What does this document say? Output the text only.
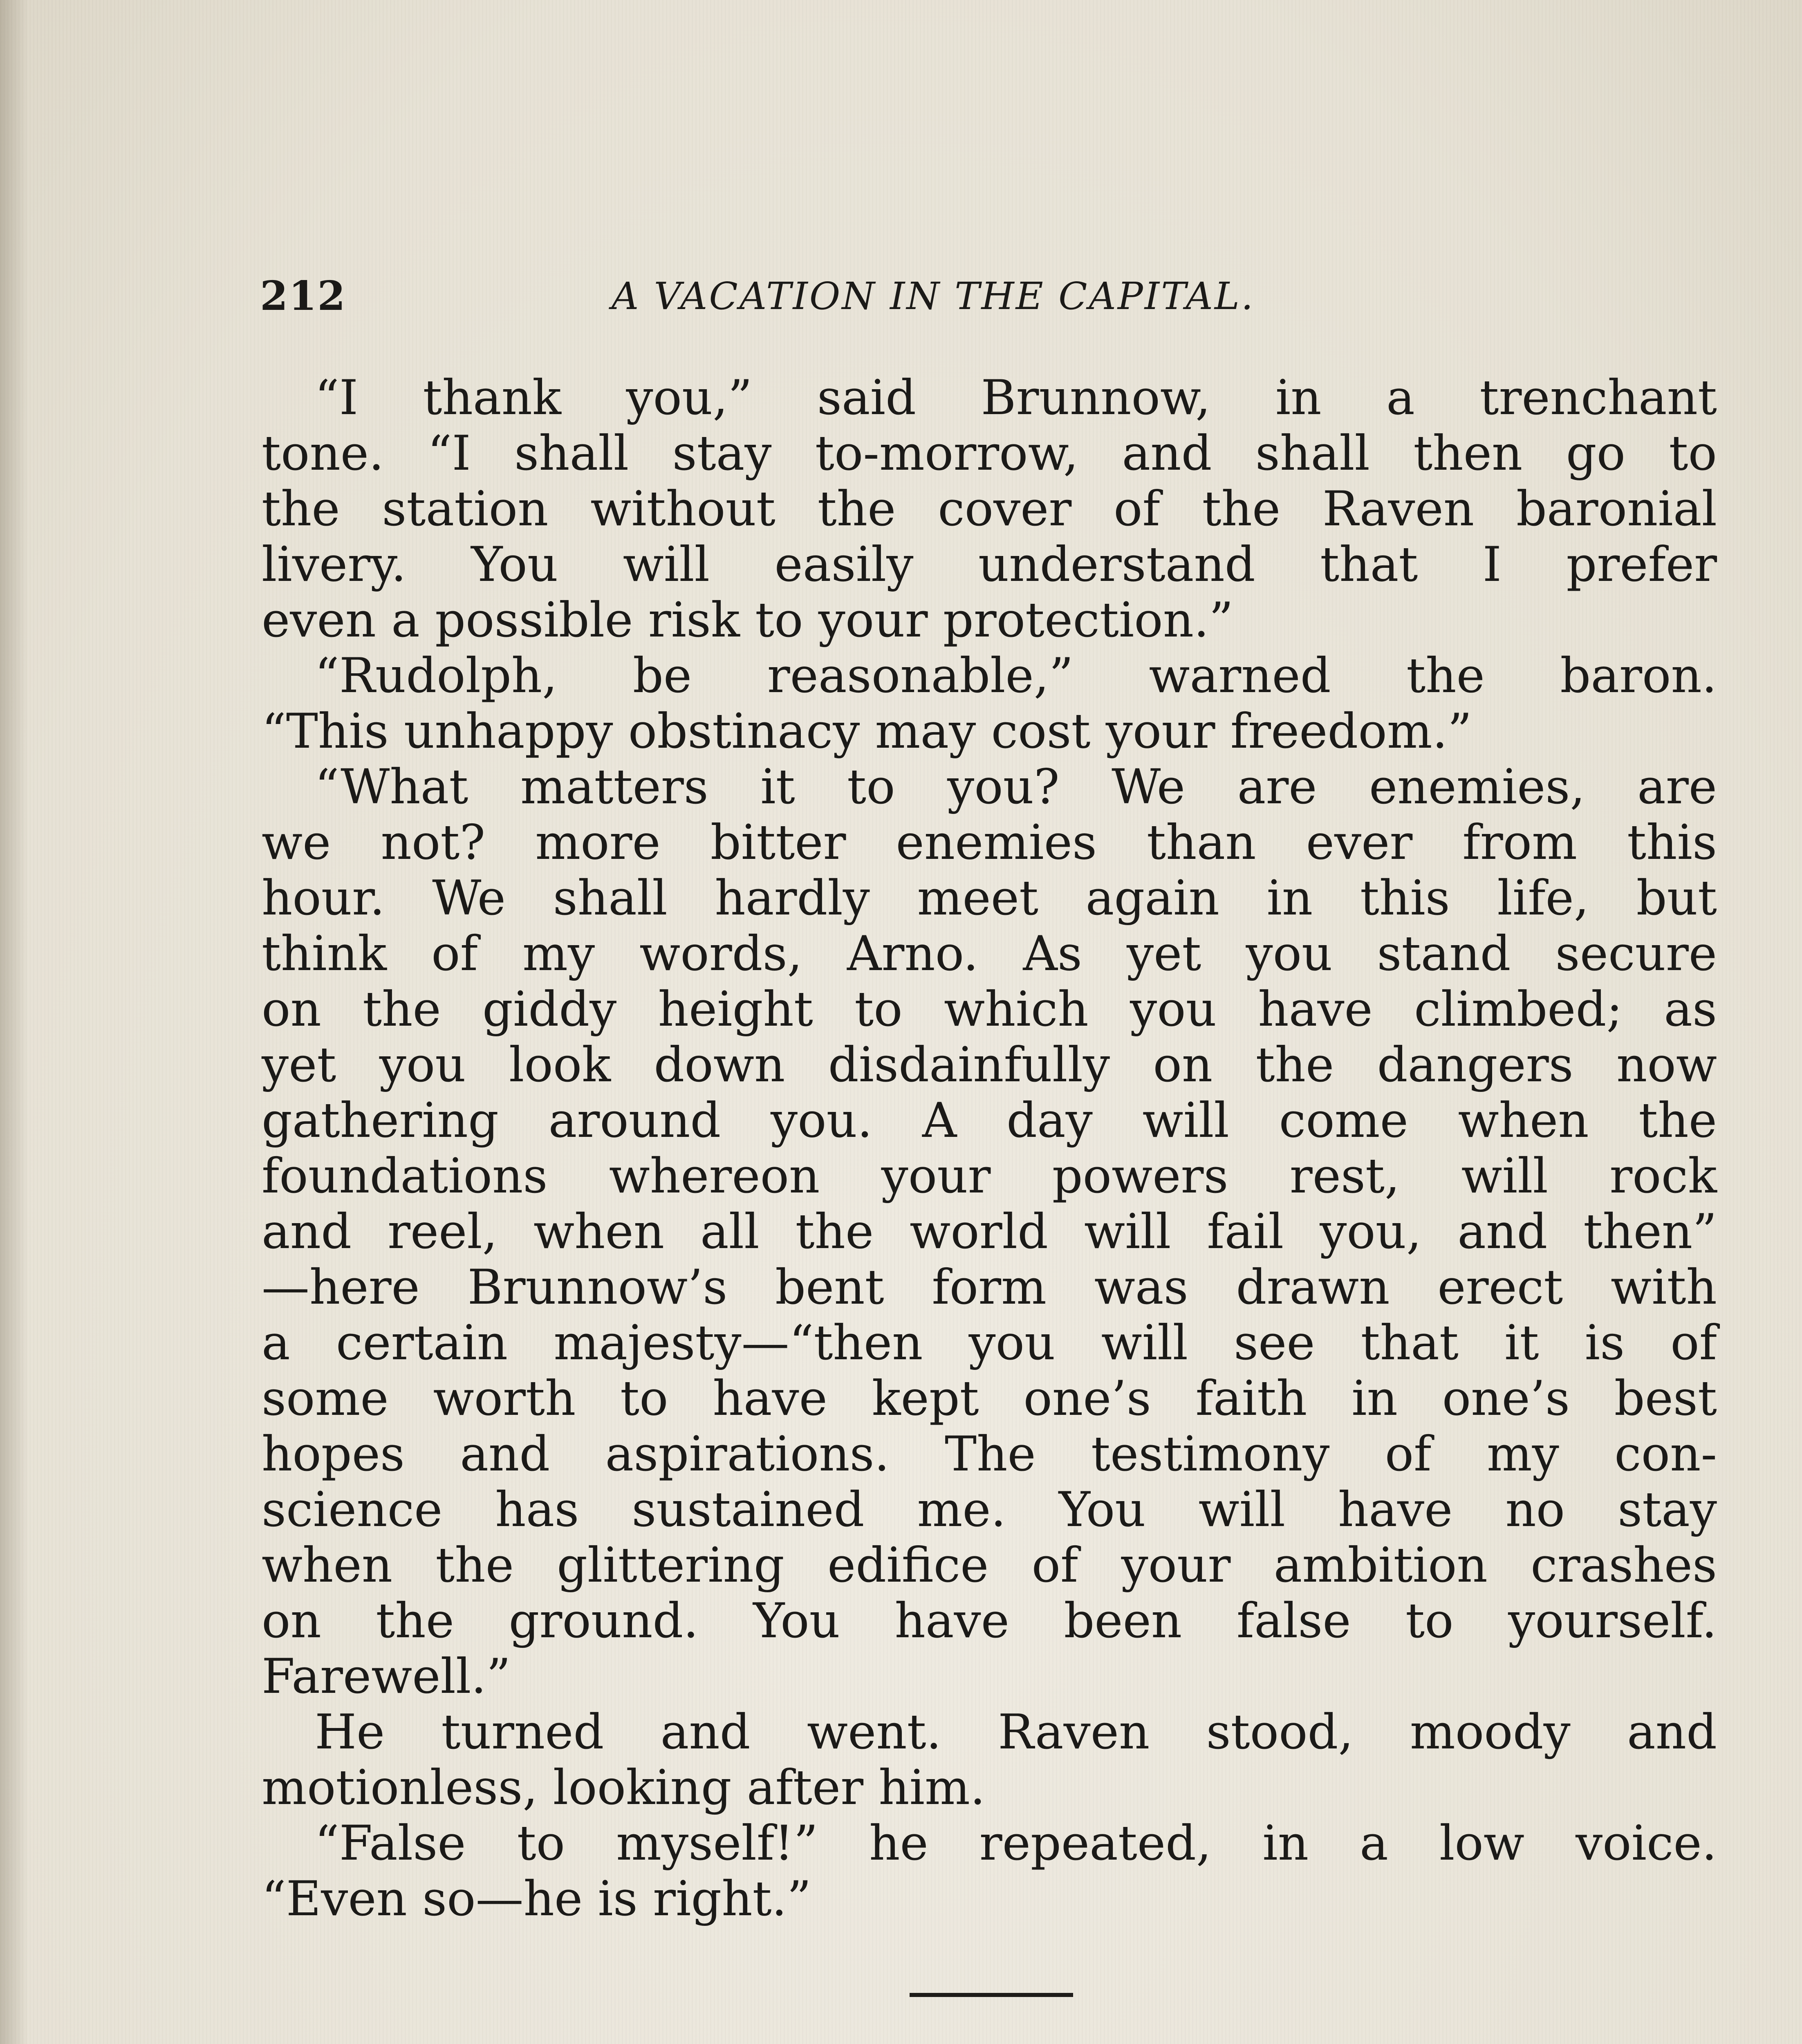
212	A VACATION IN THE CAPITAL.

“I thank you,” said Brunnow, in a trenchant
tone. “I shall stay to-morrow, and shall then go to
the station without the cover of the Raven baronial
livery. You will easily understand that I prefer
even a possible risk to your protection.”

“Rudolph, be reasonable,” warned the baron.
“This unhappy obstinacy may cost your freedom.”

“What matters it to you? We are enemies, are
we not? more bitter enemies than ever from this
hour. We shall hardly meet again in this life, but
think of my words, Arno. As yet you stand secure
on the giddy height to which you have climbed; as
yet you look down disdainfully on the dangers now
gathering around you. A day will come when the
foundations whereon your powers rest, will rock
and reel, when all the world will fail you, and then”
—here Brunnow’s bent form was drawn erect with
a certain majesty—“then you will see that it is of
some worth to have kept one’s faith in one’s best
hopes and aspirations. The testimony of my con-
science has sustained me. You will have no stay
when the glittering edifice of your ambition crashes
on the ground. You have been false to yourself.
Farewell.”

He turned and went. Raven stood, moody and
motionless, looking after him.

“False to myself!” he repeated, in a low voice.
“Even so—he is right.”
